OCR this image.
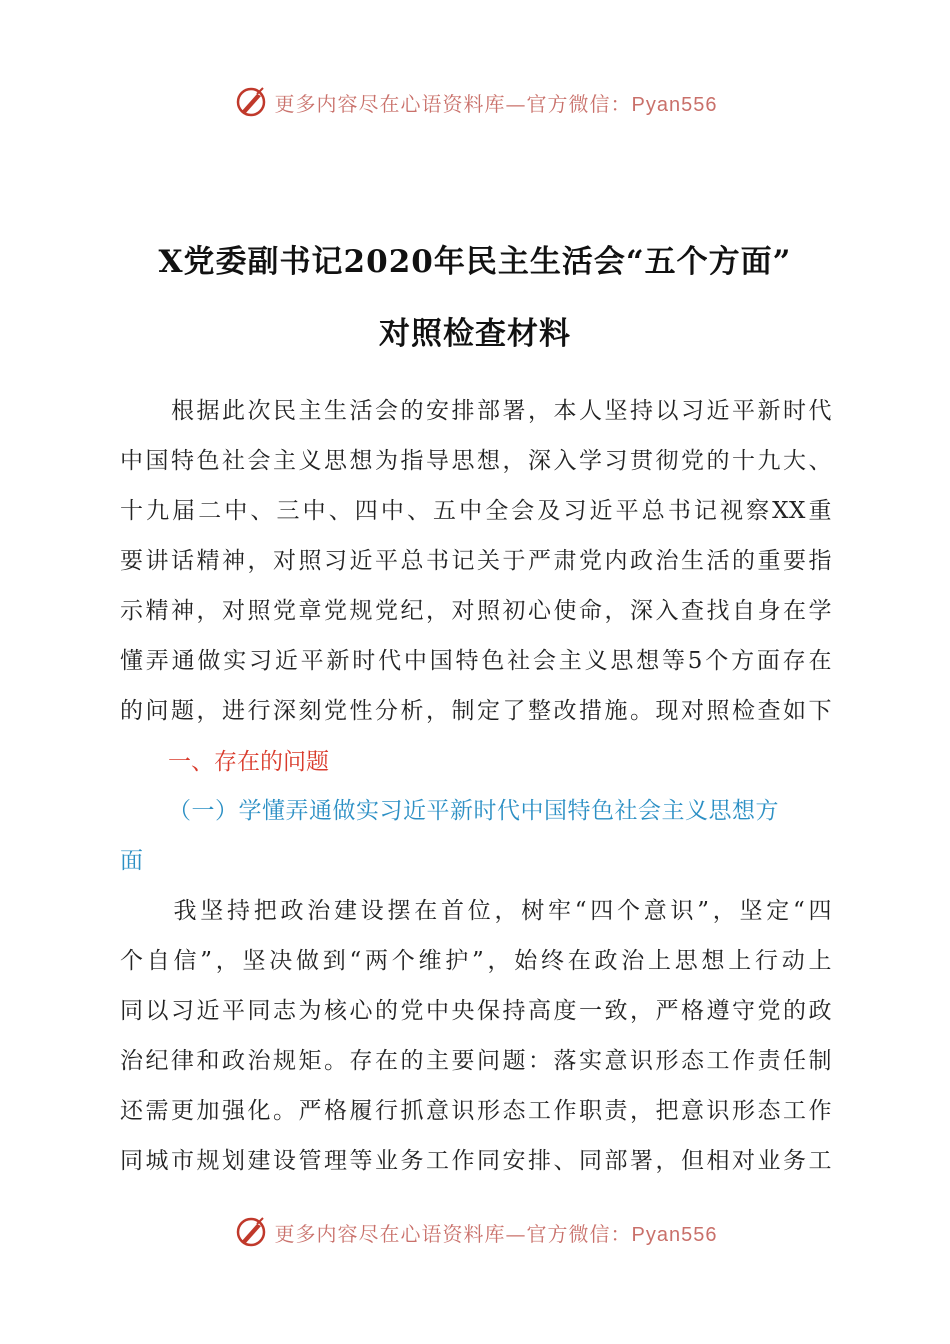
更多内容尽在心语资料库—官方微信：Pyan556
X党委副书记2020年民主生活会“五个方面”
对照检查材料
　　根据此次民主生活会的安排部署，本人坚持以习近平新时代
中国特色社会主义思想为指导思想，深入学习贯彻党的十九大、
十九届二中、三中、四中、五中全会及习近平总书记视察XX重
要讲话精神，对照习近平总书记关于严肃党内政治生活的重要指
示精神，对照党章党规党纪，对照初心使命，深入查找自身在学
懂弄通做实习近平新时代中国特色社会主义思想等5个方面存在
的问题，进行深刻党性分析，制定了整改措施。现对照检查如下
一、存在的问题
（一）学懂弄通做实习近平新时代中国特色社会主义思想方
面
　　我坚持把政治建设摆在首位，树牢“四个意识”，坚定“四
个自信”，坚决做到“两个维护”，始终在政治上思想上行动上
同以习近平同志为核心的党中央保持高度一致，严格遵守党的政
治纪律和政治规矩。存在的主要问题：落实意识形态工作责任制
还需更加强化。严格履行抓意识形态工作职责，把意识形态工作
同城市规划建设管理等业务工作同安排、同部署，但相对业务工
更多内容尽在心语资料库—官方微信：Pyan556
